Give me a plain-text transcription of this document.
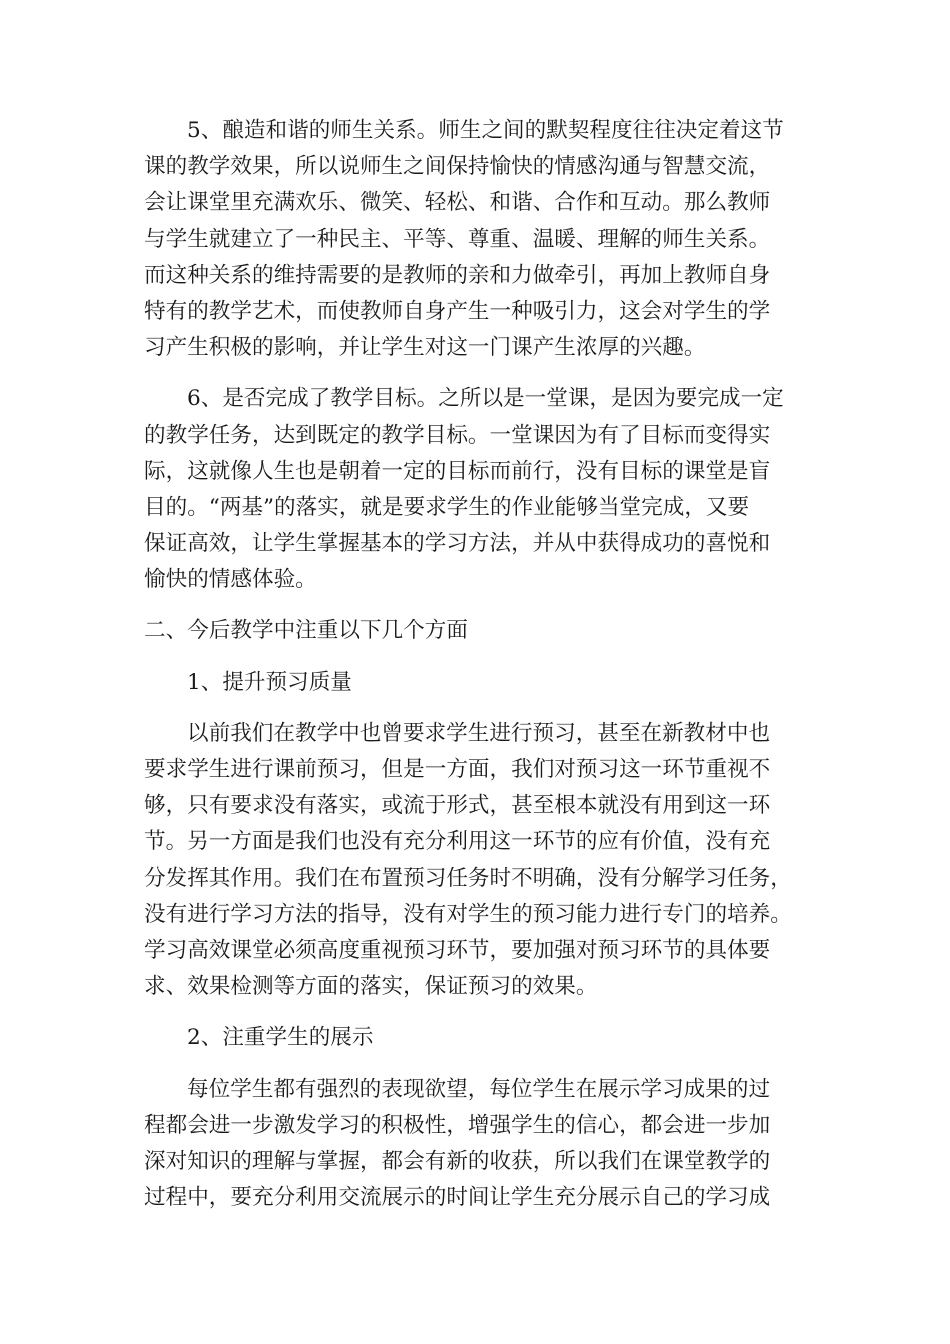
5、酿造和谐的师生关系。师生之间的默契程度往往决定着这节
课的教学效果，所以说师生之间保持愉快的情感沟通与智慧交流，
会让课堂里充满欢乐、微笑、轻松、和谐、合作和互动。那么教师
与学生就建立了一种民主、平等、尊重、温暖、理解的师生关系。
而这种关系的维持需要的是教师的亲和力做牵引，再加上教师自身
特有的教学艺术，而使教师自身产生一种吸引力，这会对学生的学
习产生积极的影响，并让学生对这一门课产生浓厚的兴趣。
6、是否完成了教学目标。之所以是一堂课，是因为要完成一定
的教学任务，达到既定的教学目标。一堂课因为有了目标而变得实
际，这就像人生也是朝着一定的目标而前行，没有目标的课堂是盲
目的。“两基”的落实，就是要求学生的作业能够当堂完成，又要
保证高效，让学生掌握基本的学习方法，并从中获得成功的喜悦和
愉快的情感体验。
二、今后教学中注重以下几个方面
1、提升预习质量
以前我们在教学中也曾要求学生进行预习，甚至在新教材中也
要求学生进行课前预习，但是一方面，我们对预习这一环节重视不
够，只有要求没有落实，或流于形式，甚至根本就没有用到这一环
节。另一方面是我们也没有充分利用这一环节的应有价值，没有充
分发挥其作用。我们在布置预习任务时不明确，没有分解学习任务，
没有进行学习方法的指导，没有对学生的预习能力进行专门的培养。
学习高效课堂必须高度重视预习环节，要加强对预习环节的具体要
求、效果检测等方面的落实，保证预习的效果。
2、注重学生的展示
每位学生都有强烈的表现欲望，每位学生在展示学习成果的过
程都会进一步激发学习的积极性，增强学生的信心，都会进一步加
深对知识的理解与掌握，都会有新的收获，所以我们在课堂教学的
过程中，要充分利用交流展示的时间让学生充分展示自己的学习成
